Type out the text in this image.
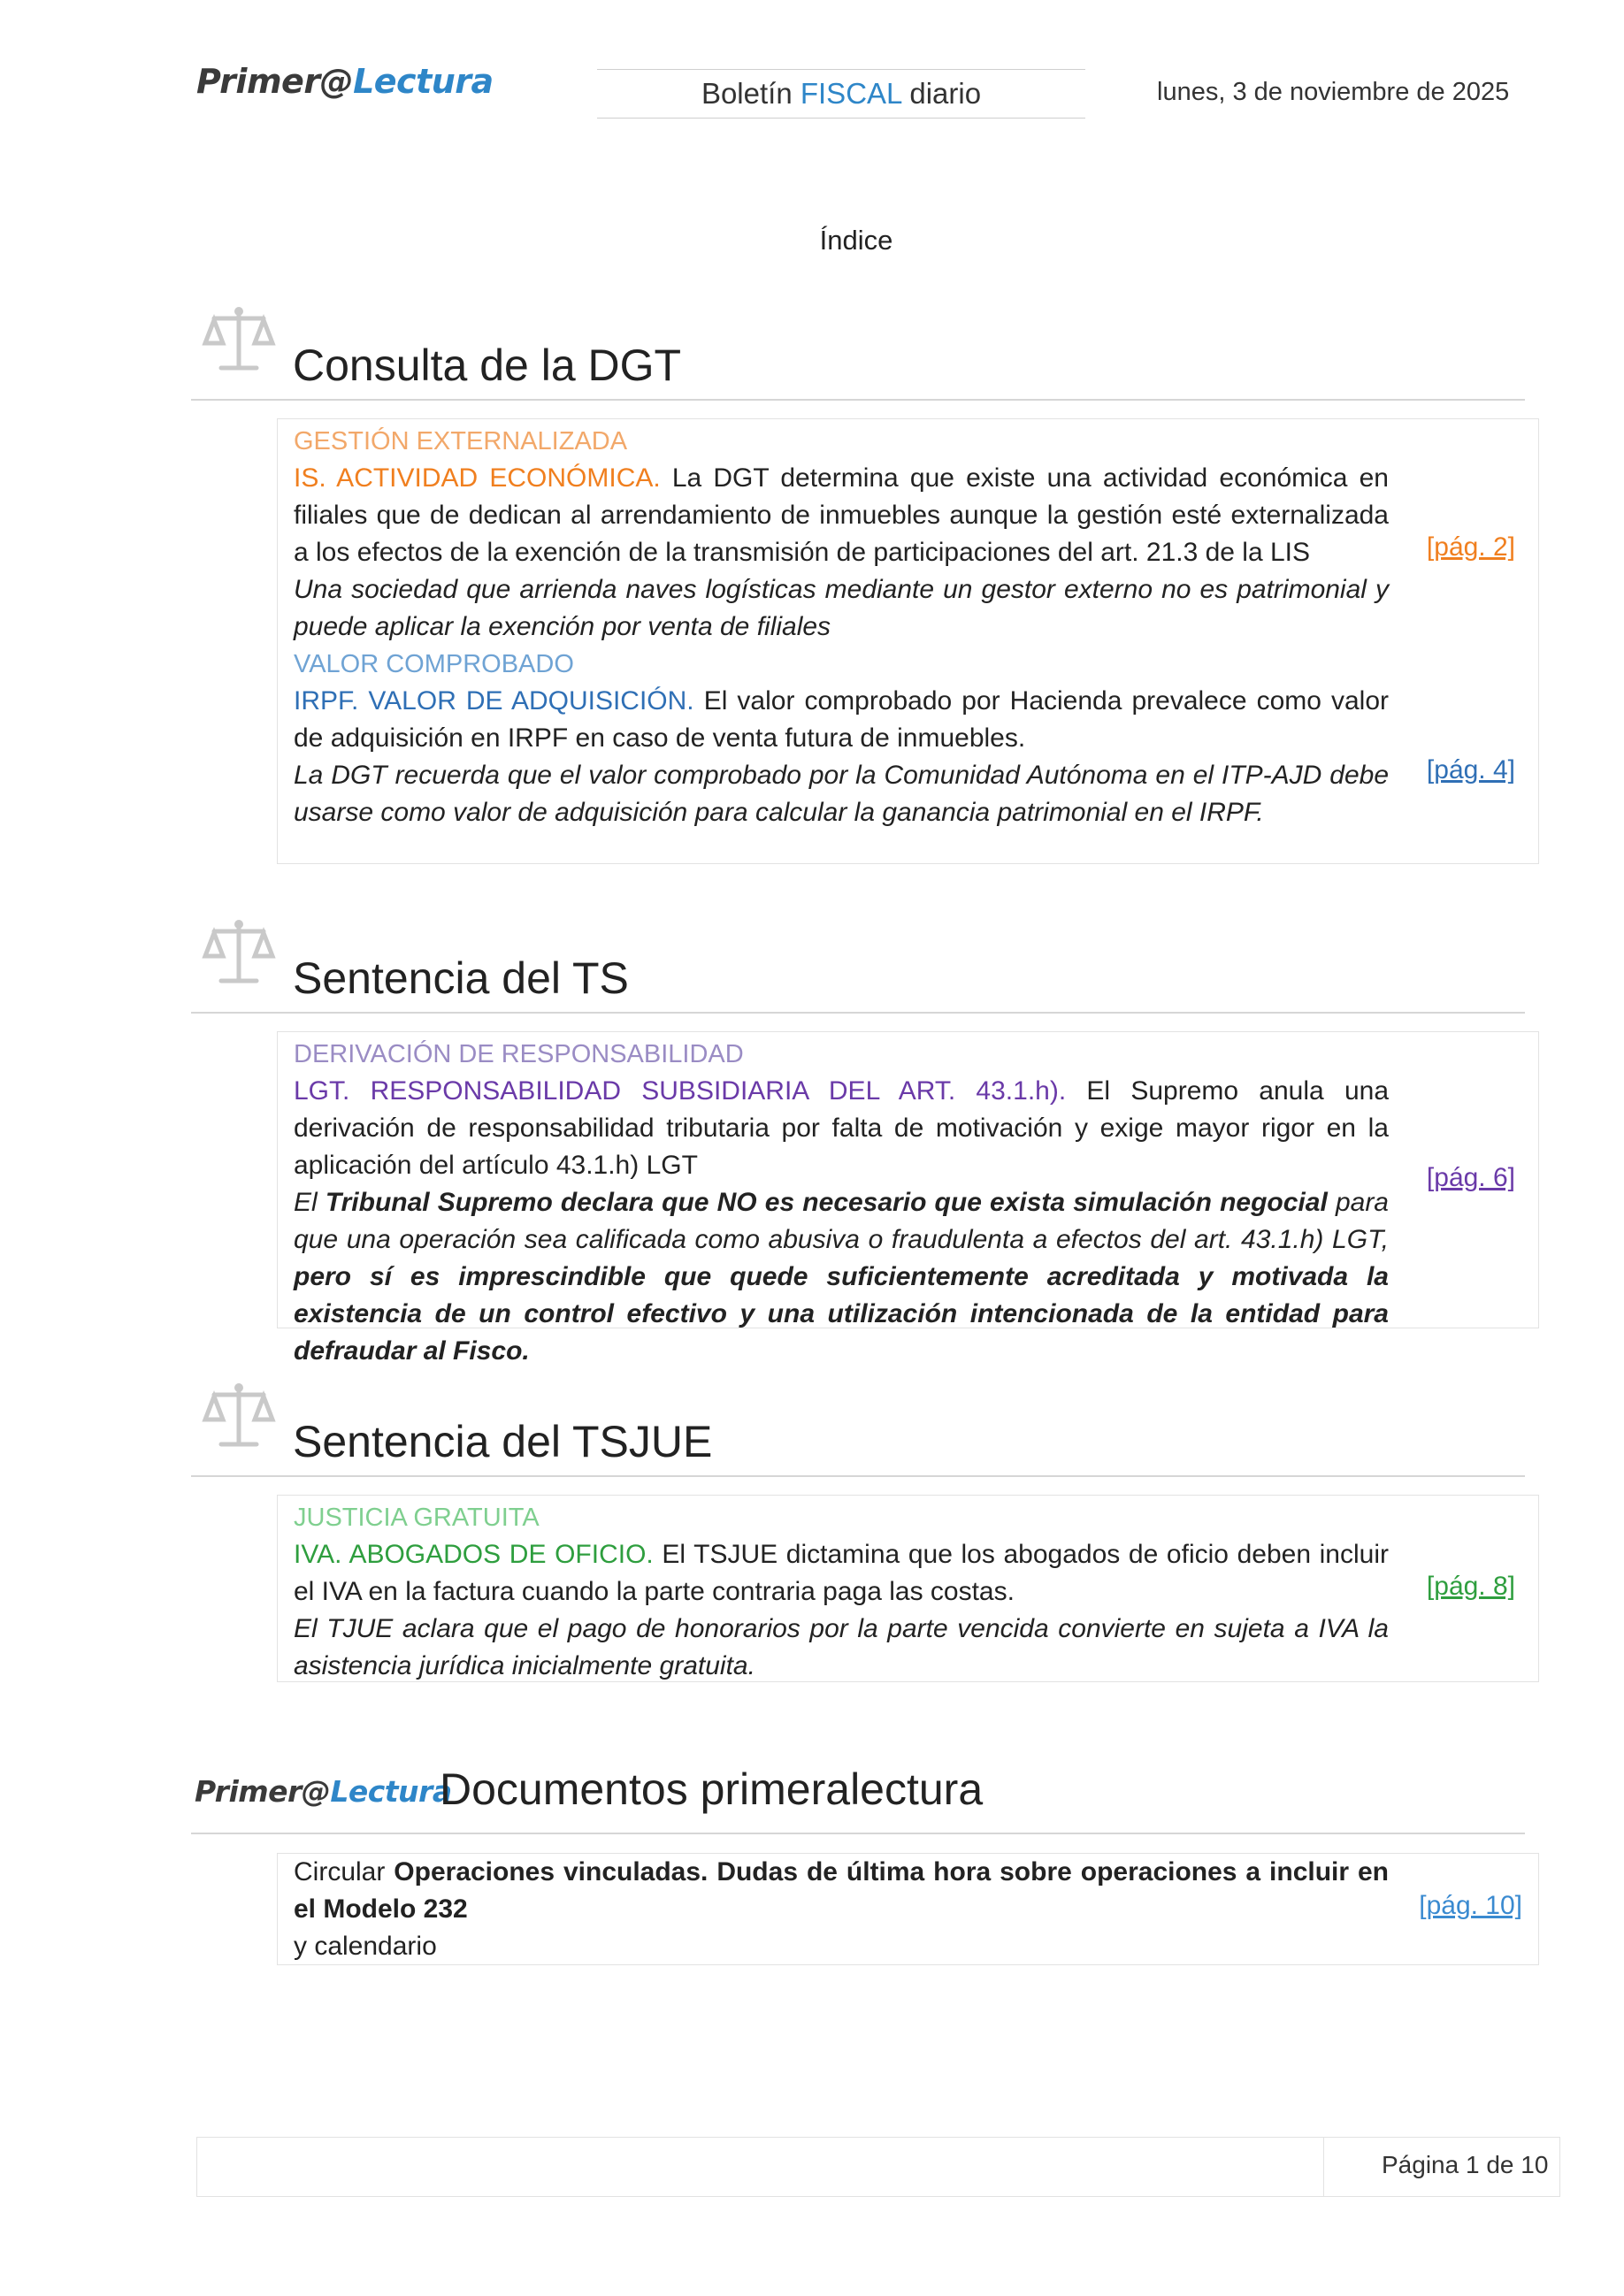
Primer@Lectura	Boletín FISCAL diario	lunes, 3 de noviembre de 2025
Índice
Consulta de la DGT
GESTIÓN EXTERNALIZADA
IS. ACTIVIDAD ECONÓMICA. La DGT determina que existe una actividad económica en filiales que de dedican al arrendamiento de inmuebles aunque la gestión esté externalizada a los efectos de la exención de la transmisión de participaciones del art. 21.3 de la LIS
Una sociedad que arrienda naves logísticas mediante un gestor externo no es patrimonial y puede aplicar la exención por venta de filiales
[pág. 2]
VALOR COMPROBADO
IRPF. VALOR DE ADQUISICIÓN. El valor comprobado por Hacienda prevalece como valor de adquisición en IRPF en caso de venta futura de inmuebles.
La DGT recuerda que el valor comprobado por la Comunidad Autónoma en el ITP-AJD debe usarse como valor de adquisición para calcular la ganancia patrimonial en el IRPF.
[pág. 4]
Sentencia del TS
DERIVACIÓN DE RESPONSABILIDAD
LGT. RESPONSABILIDAD SUBSIDIARIA DEL ART. 43.1.h). El Supremo anula una derivación de responsabilidad tributaria por falta de motivación y exige mayor rigor en la aplicación del artículo 43.1.h) LGT
El Tribunal Supremo declara que NO es necesario que exista simulación negocial para que una operación sea calificada como abusiva o fraudulenta a efectos del art. 43.1.h) LGT, pero sí es imprescindible que quede suficientemente acreditada y motivada la existencia de un control efectivo y una utilización intencionada de la entidad para defraudar al Fisco.
[pág. 6]
Sentencia del TSJUE
JUSTICIA GRATUITA
IVA. ABOGADOS DE OFICIO. El TSJUE dictamina que los abogados de oficio deben incluir el IVA en la factura cuando la parte contraria paga las costas.
El TJUE aclara que el pago de honorarios por la parte vencida convierte en sujeta a IVA la asistencia jurídica inicialmente gratuita.
[pág. 8]
Primer@Lectura
Documentos primeralectura
Circular Operaciones vinculadas. Dudas de última hora sobre operaciones a incluir en el Modelo 232
y calendario
[pág. 10]
Página 1 de 10
